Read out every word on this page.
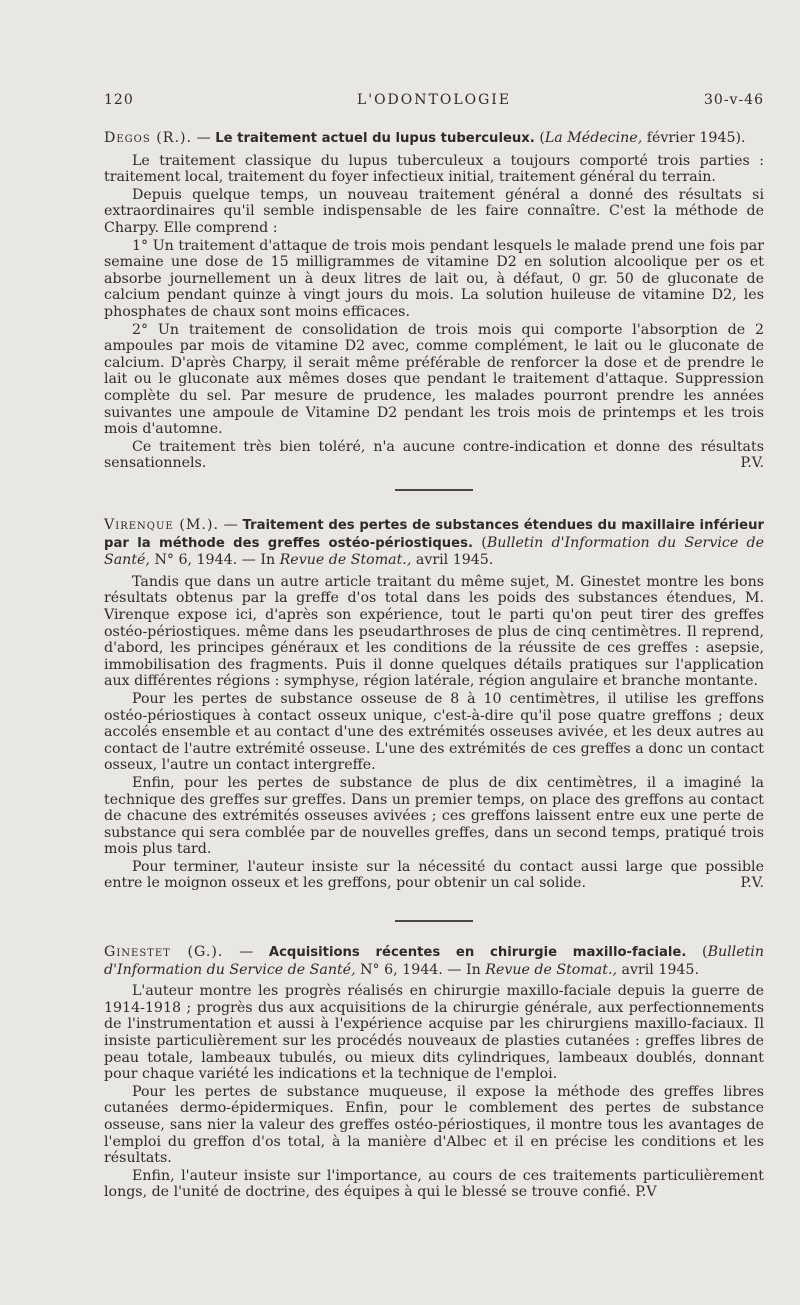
120	L'ODONTOLOGIE	30-v-46

Degos (R.). — Le traitement actuel du lupus tuberculeux. (La Médecine, février 1945).

Le traitement classique du lupus tuberculeux a toujours comporté trois parties : traitement local, traitement du foyer infectieux initial, traitement général du terrain.

Depuis quelque temps, un nouveau traitement général a donné des résultats si extraordinaires qu'il semble indispensable de les faire connaître. C'est la méthode de Charpy. Elle comprend :

1° Un traitement d'attaque de trois mois pendant lesquels le malade prend une fois par semaine une dose de 15 milligrammes de vitamine D2 en solution alcoolique per os et absorbe journellement un à deux litres de lait ou, à défaut, 0 gr. 50 de gluconate de calcium pendant quinze à vingt jours du mois. La solution huileuse de vitamine D2, les phosphates de chaux sont moins efficaces.

2° Un traitement de consolidation de trois mois qui comporte l'absorption de 2 ampoules par mois de vitamine D2 avec, comme complément, le lait ou le gluconate de calcium. D'après Charpy, il serait même préférable de renforcer la dose et de prendre le lait ou le gluconate aux mêmes doses que pendant le traitement d'attaque. Suppression complète du sel. Par mesure de prudence, les malades pourront prendre les années suivantes une ampoule de Vitamine D2 pendant les trois mois de printemps et les trois mois d'automne.

Ce traitement très bien toléré, n'a aucune contre-indication et donne des résultats sensationnels.	P.V.

Virenque (M.). — Traitement des pertes de substances étendues du maxillaire inférieur par la méthode des greffes ostéo-périostiques. (Bulletin d'Information du Service de Santé, N° 6, 1944. — In Revue de Stomat., avril 1945.

Tandis que dans un autre article traitant du même sujet, M. Ginestet montre les bons résultats obtenus par la greffe d'os total dans les poids des substances étendues, M. Virenque expose ici, d'après son expérience, tout le parti qu'on peut tirer des greffes ostéo-périostiques. même dans les pseudarthroses de plus de cinq centimètres. Il reprend, d'abord, les principes généraux et les conditions de la réussite de ces greffes : asepsie, immobilisation des fragments. Puis il donne quelques détails pratiques sur l'application aux différentes régions : symphyse, région latérale, région angulaire et branche montante.

Pour les pertes de substance osseuse de 8 à 10 centimètres, il utilise les greffons ostéo-périostiques à contact osseux unique, c'est-à-dire qu'il pose quatre greffons ; deux accolés ensemble et au contact d'une des extrémités osseuses avivée, et les deux autres au contact de l'autre extrémité osseuse. L'une des extrémités de ces greffes a donc un contact osseux, l'autre un contact intergreffe.

Enfin, pour les pertes de substance de plus de dix centimètres, il a imaginé la technique des greffes sur greffes. Dans un premier temps, on place des greffons au contact de chacune des extrémités osseuses avivées ; ces greffons laissent entre eux une perte de substance qui sera comblée par de nouvelles greffes, dans un second temps, pratiqué trois mois plus tard.

Pour terminer, l'auteur insiste sur la nécessité du contact aussi large que possible entre le moignon osseux et les greffons, pour obtenir un cal solide.	P.V.

Ginestet (G.). — Acquisitions récentes en chirurgie maxillo-faciale. (Bulletin d'Information du Service de Santé, N° 6, 1944. — In Revue de Stomat., avril 1945.

L'auteur montre les progrès réalisés en chirurgie maxillo-faciale depuis la guerre de 1914-1918 ; progrès dus aux acquisitions de la chirurgie générale, aux perfectionnements de l'instrumentation et aussi à l'expérience acquise par les chirurgiens maxillo-faciaux. Il insiste particulièrement sur les procédés nouveaux de plasties cutanées : greffes libres de peau totale, lambeaux tubulés, ou mieux dits cylindriques, lambeaux doublés, donnant pour chaque variété les indications et la technique de l'emploi.

Pour les pertes de substance muqueuse, il expose la méthode des greffes libres cutanées dermo-épidermiques. Enfin, pour le comblement des pertes de substance osseuse, sans nier la valeur des greffes ostéo-périostiques, il montre tous les avantages de l'emploi du greffon d'os total, à la manière d'Albec et il en précise les conditions et les résultats.

Enfin, l'auteur insiste sur l'importance, au cours de ces traitements particulièrement longs, de l'unité de doctrine, des équipes à qui le blessé se trouve confié. P.V
